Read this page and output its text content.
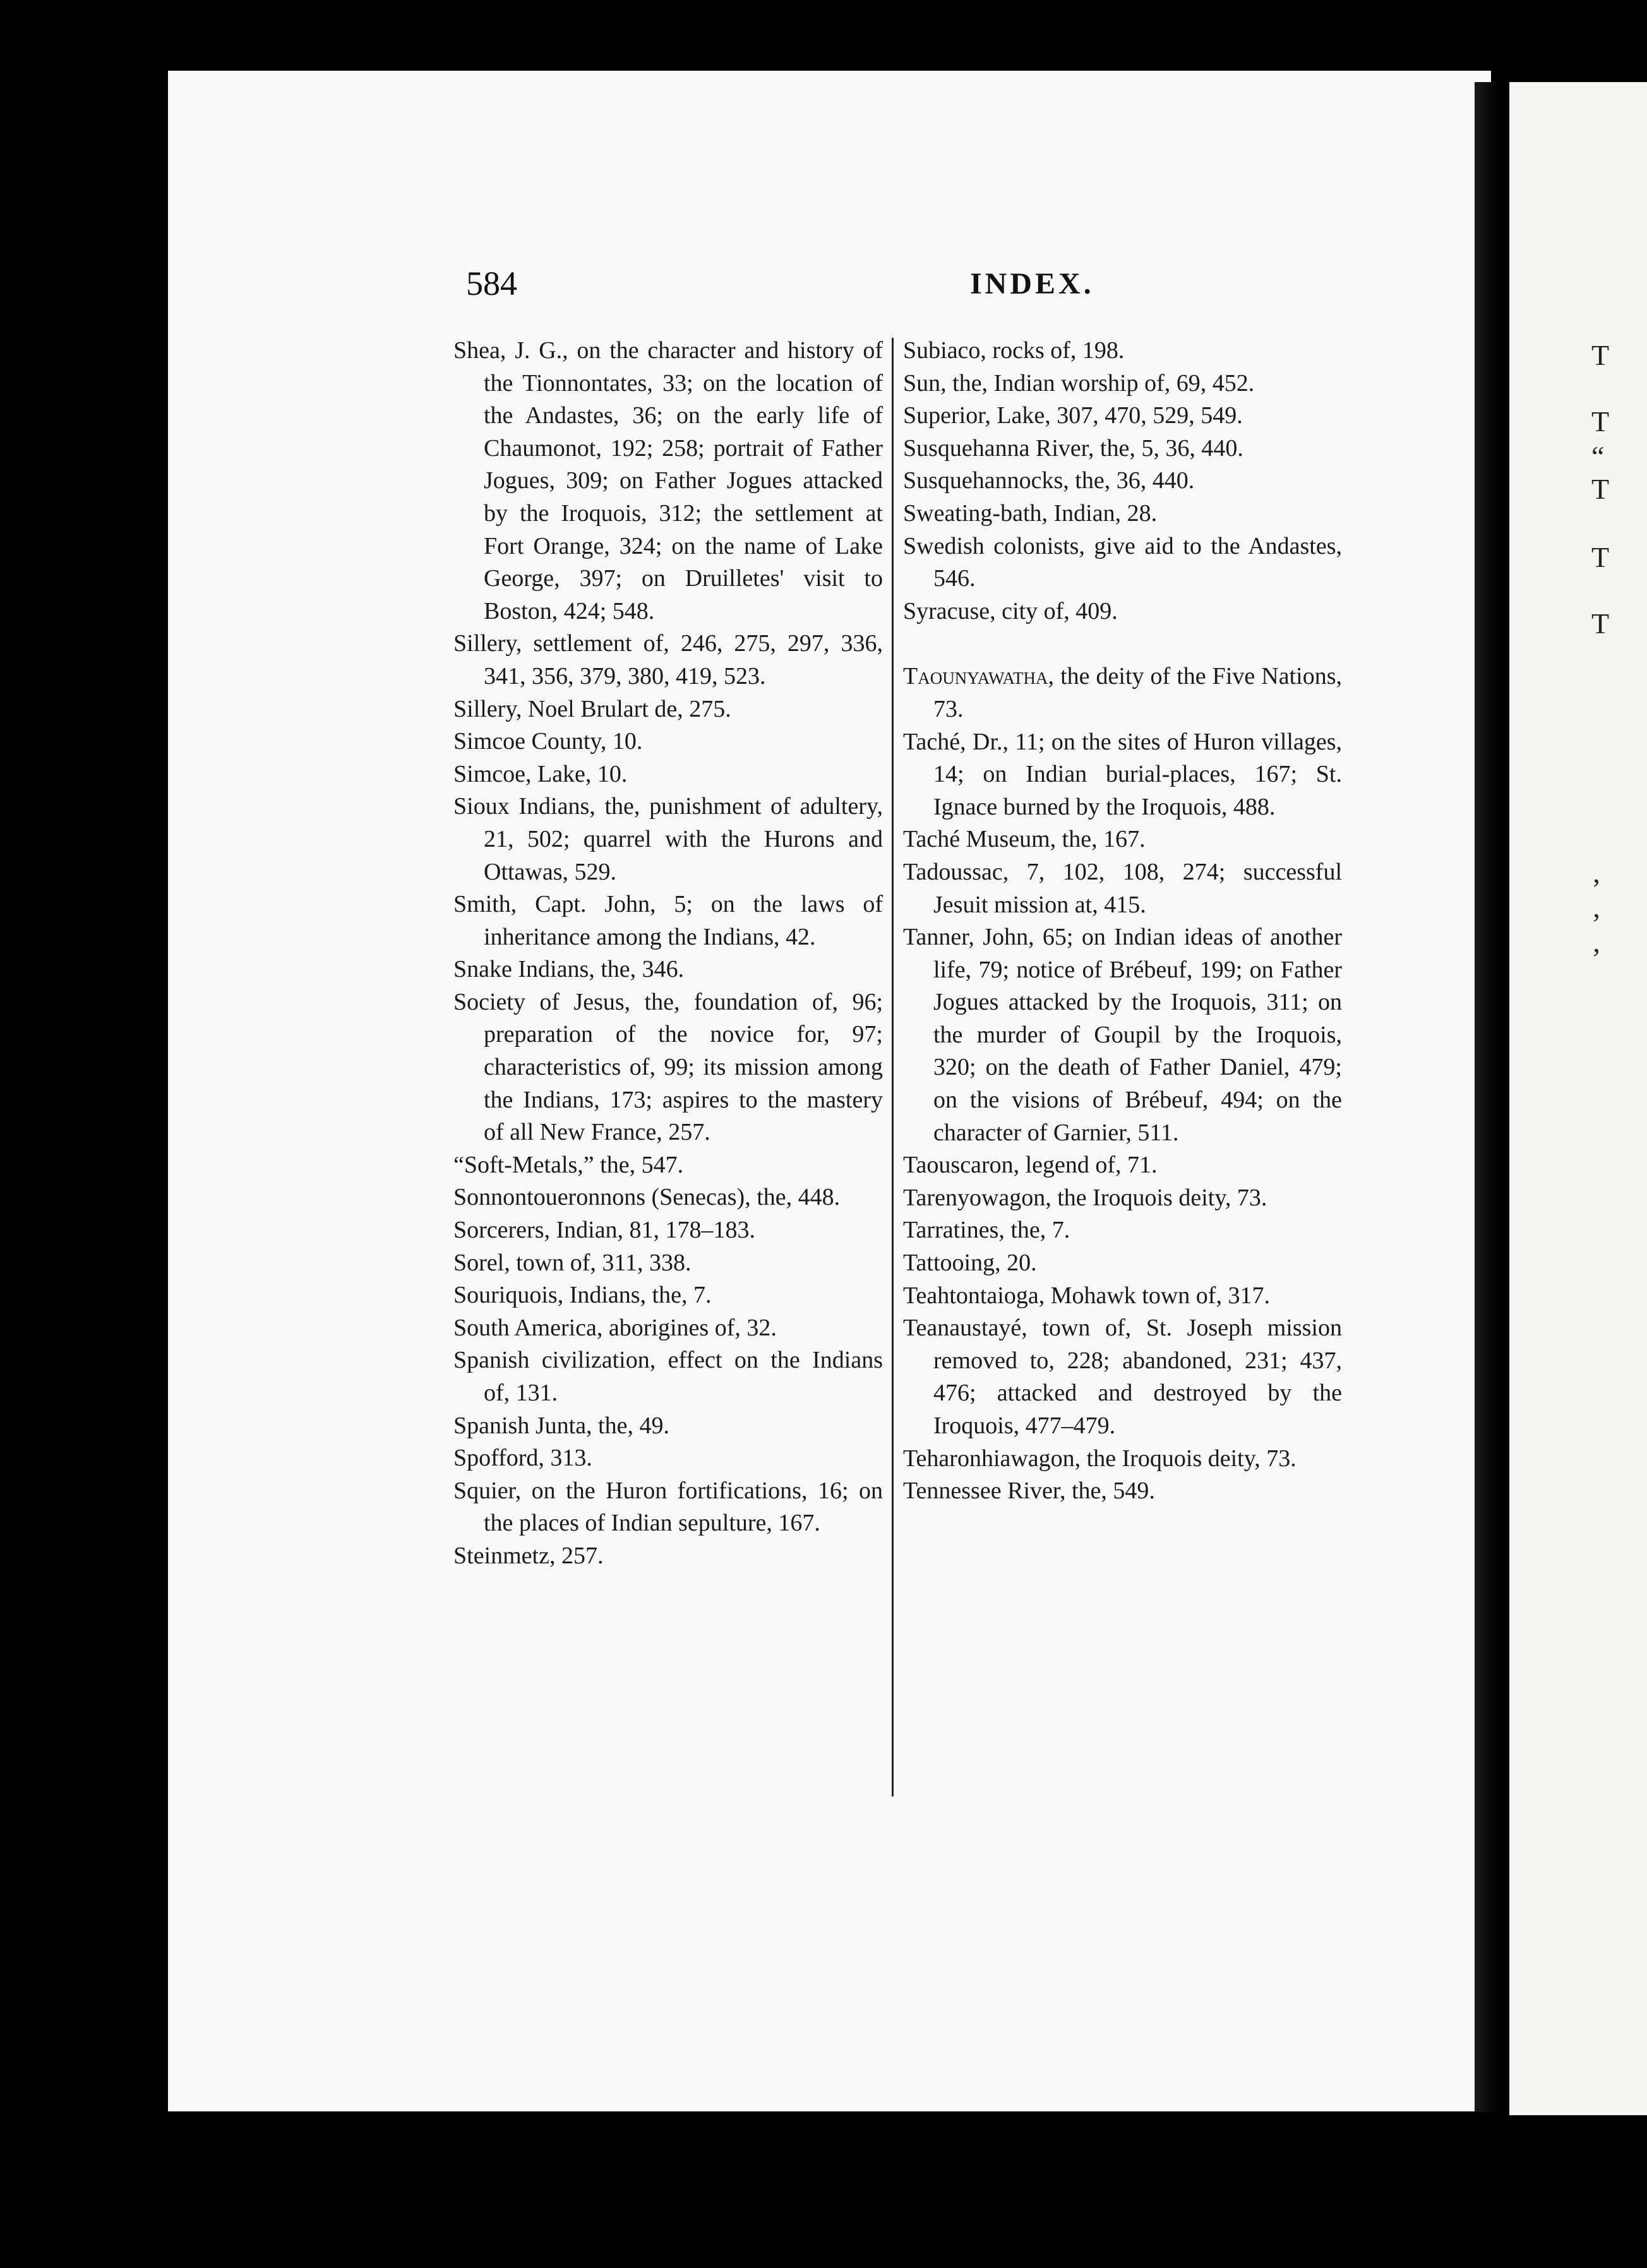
T
T
“
T
T
T
’
’
’
584	INDEX.

Shea, J. G., on the character and history of the Tionnontates, 33; on the location of the Andastes, 36; on the early life of Chaumonot, 192; 258; portrait of Father Jogues, 309; on Father Jogues attacked by the Iroquois, 312; the settlement at Fort Orange, 324; on the name of Lake George, 397; on Druilletes' visit to Boston, 424; 548.

Sillery, settlement of, 246, 275, 297, 336, 341, 356, 379, 380, 419, 523.

Sillery, Noel Brulart de, 275.

Simcoe County, 10.

Simcoe, Lake, 10.

Sioux Indians, the, punishment of adultery, 21, 502; quarrel with the Hurons and Ottawas, 529.

Smith, Capt. John, 5; on the laws of inheritance among the Indians, 42.

Snake Indians, the, 346.

Society of Jesus, the, foundation of, 96; preparation of the novice for, 97; characteristics of, 99; its mission among the Indians, 173; aspires to the mastery of all New France, 257.

“Soft-Metals,” the, 547.

Sonnontoueronnons (Senecas), the, 448.

Sorcerers, Indian, 81, 178–183.

Sorel, town of, 311, 338.

Souriquois, Indians, the, 7.

South America, aborigines of, 32.

Spanish civilization, effect on the Indians of, 131.

Spanish Junta, the, 49.

Spofford, 313.

Squier, on the Huron fortifications, 16; on the places of Indian sepulture, 167.

Steinmetz, 257.

Subiaco, rocks of, 198.

Sun, the, Indian worship of, 69, 452.

Superior, Lake, 307, 470, 529, 549.

Susquehanna River, the, 5, 36, 440.

Susquehannocks, the, 36, 440.

Sweating-bath, Indian, 28.

Swedish colonists, give aid to the Andastes, 546.

Syracuse, city of, 409.

Taounyawatha, the deity of the Five Nations, 73.

Taché, Dr., 11; on the sites of Huron villages, 14; on Indian burial-places, 167; St. Ignace burned by the Iroquois, 488.

Taché Museum, the, 167.

Tadoussac, 7, 102, 108, 274; successful Jesuit mission at, 415.

Tanner, John, 65; on Indian ideas of another life, 79; notice of Brébeuf, 199; on Father Jogues attacked by the Iroquois, 311; on the murder of Goupil by the Iroquois, 320; on the death of Father Daniel, 479; on the visions of Brébeuf, 494; on the character of Garnier, 511.

Taouscaron, legend of, 71.

Tarenyowagon, the Iroquois deity, 73.

Tarratines, the, 7.

Tattooing, 20.

Teahtontaioga, Mohawk town of, 317.

Teanaustayé, town of, St. Joseph mission removed to, 228; abandoned, 231; 437, 476; attacked and destroyed by the Iroquois, 477–479.

Teharonhiawagon, the Iroquois deity, 73.

Tennessee River, the, 549.
